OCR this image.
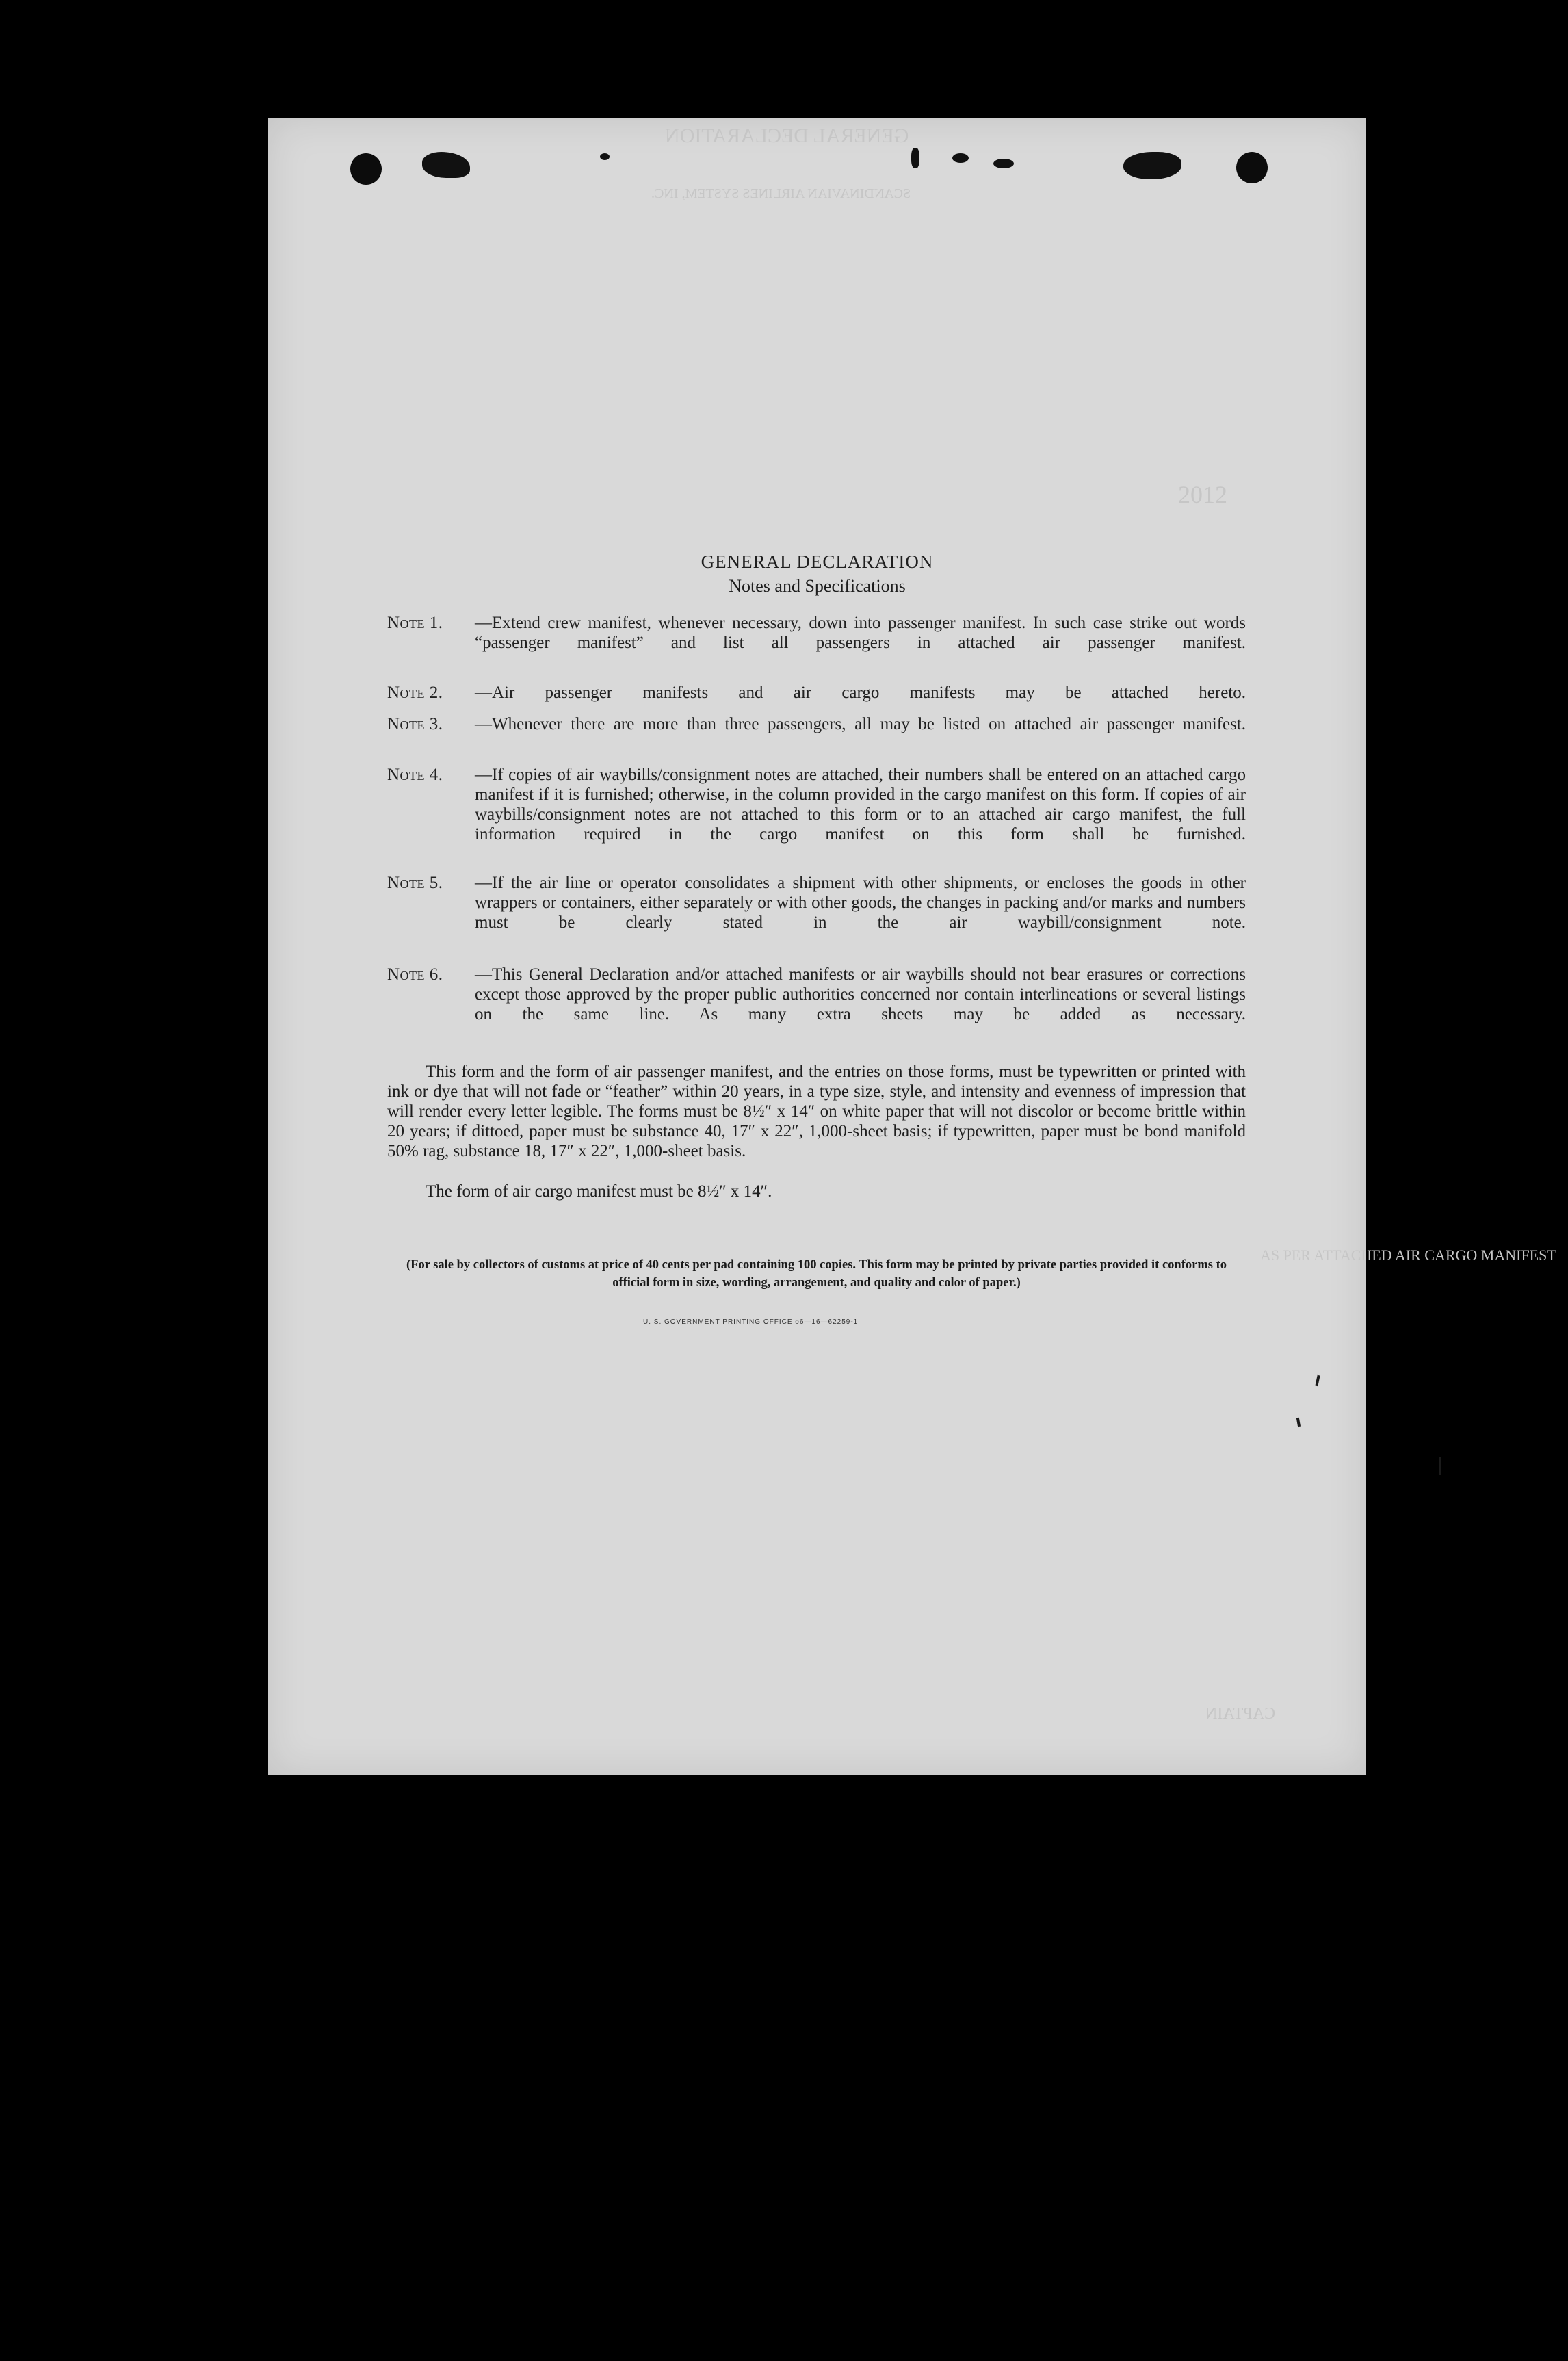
GENERAL DECLARATION
SCANDINAVIAN AIRLINES SYSTEM, INC.
2012
AS PER ATTACHED AIR CARGO MANIFEST
CAPTAIN
GENERAL DECLARATION
Notes and Specifications
Note 1. —Extend crew manifest, whenever necessary, down into passenger manifest. In such case strike out words “passenger manifest” and list all passengers in attached air passenger manifest.
Note 2. —Air passenger manifests and air cargo manifests may be attached hereto.
Note 3. —Whenever there are more than three passengers, all may be listed on attached air passenger manifest.
Note 4. —If copies of air waybills/consignment notes are attached, their numbers shall be entered on an attached cargo manifest if it is furnished; otherwise, in the column provided in the cargo manifest on this form. If copies of air waybills/consignment notes are not attached to this form or to an attached air cargo manifest, the full information required in the cargo manifest on this form shall be furnished.
Note 5. —If the air line or operator consolidates a shipment with other shipments, or encloses the goods in other wrappers or containers, either separately or with other goods, the changes in packing and/or marks and numbers must be clearly stated in the air waybill/consignment note.
Note 6. —This General Declaration and/or attached manifests or air waybills should not bear erasures or corrections except those approved by the proper public authorities concerned nor contain interlineations or several listings on the same line. As many extra sheets may be added as necessary.
This form and the form of air passenger manifest, and the entries on those forms, must be typewritten or printed with ink or dye that will not fade or “feather” within 20 years, in a type size, style, and intensity and evenness of impression that will render every letter legible. The forms must be 8½″ x 14″ on white paper that will not discolor or become brittle within 20 years; if dittoed, paper must be substance 40, 17″ x 22″, 1,000-sheet basis; if typewritten, paper must be bond manifold 50% rag, substance 18, 17″ x 22″, 1,000-sheet basis.
The form of air cargo manifest must be 8½″ x 14″.
(For sale by collectors of customs at price of 40 cents per pad containing 100 copies. This form may be printed by private parties provided it conforms to official form in size, wording, arrangement, and quality and color of paper.)
U. S. GOVERNMENT PRINTING OFFICE o6—16—62259-1
